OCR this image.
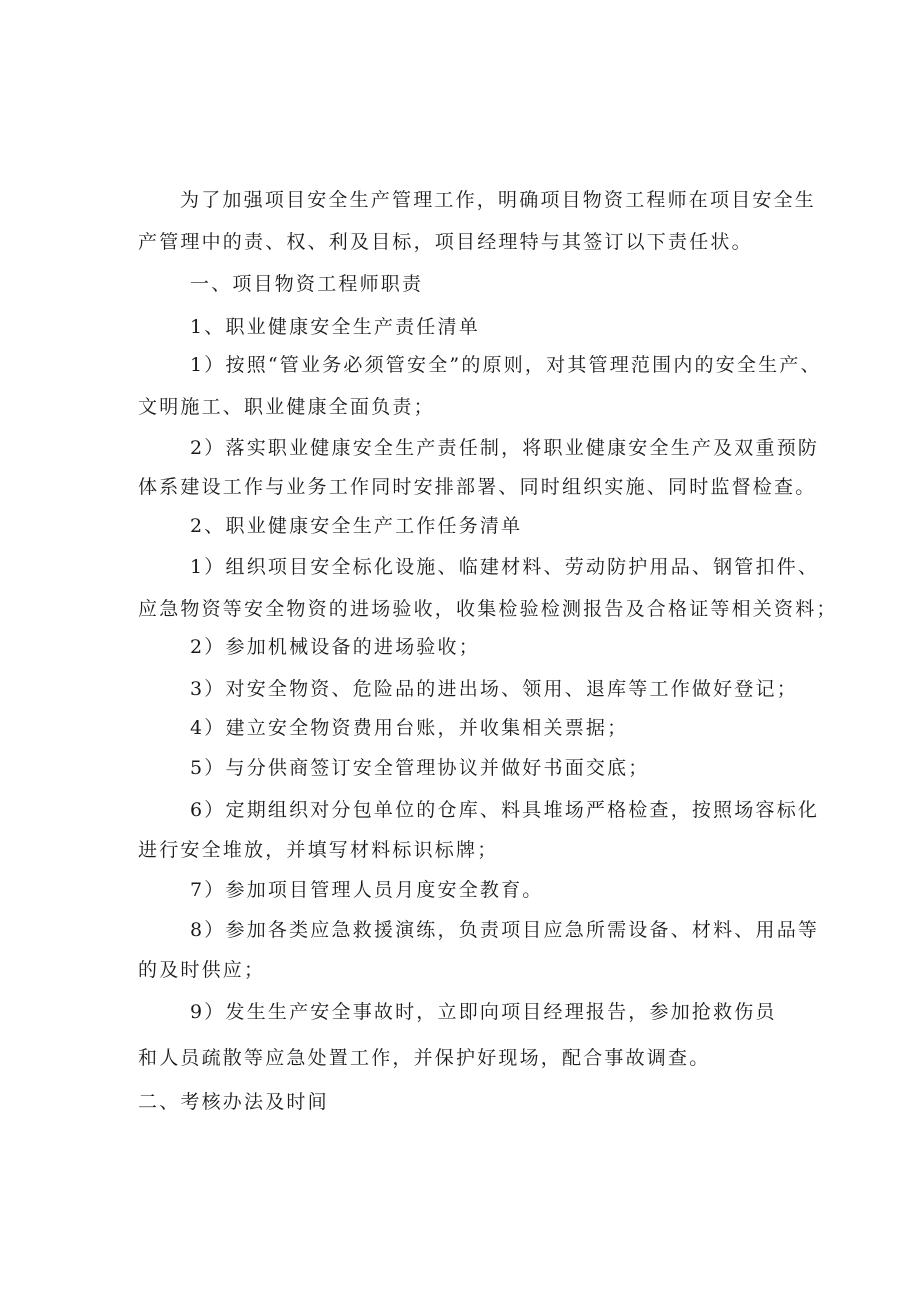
为了加强项目安全生产管理工作，明确项目物资工程师在项目安全生
产管理中的责、权、利及目标，项目经理特与其签订以下责任状。
一、项目物资工程师职责
1、职业健康安全生产责任清单
1）按照“管业务必须管安全”的原则，对其管理范围内的安全生产、
文明施工、职业健康全面负责；
2）落实职业健康安全生产责任制，将职业健康安全生产及双重预防
体系建设工作与业务工作同时安排部署、同时组织实施、同时监督检查。
2、职业健康安全生产工作任务清单
1）组织项目安全标化设施、临建材料、劳动防护用品、钢管扣件、
应急物资等安全物资的进场验收，收集检验检测报告及合格证等相关资料；
2）参加机械设备的进场验收；
3）对安全物资、危险品的进出场、领用、退库等工作做好登记；
4）建立安全物资费用台账，并收集相关票据；
5）与分供商签订安全管理协议并做好书面交底；
6）定期组织对分包单位的仓库、料具堆场严格检查，按照场容标化
进行安全堆放，并填写材料标识标牌；
7）参加项目管理人员月度安全教育。
8）参加各类应急救援演练，负责项目应急所需设备、材料、用品等
的及时供应；
9）发生生产安全事故时，立即向项目经理报告，参加抢救伤员
和人员疏散等应急处置工作，并保护好现场，配合事故调查。
二、考核办法及时间
